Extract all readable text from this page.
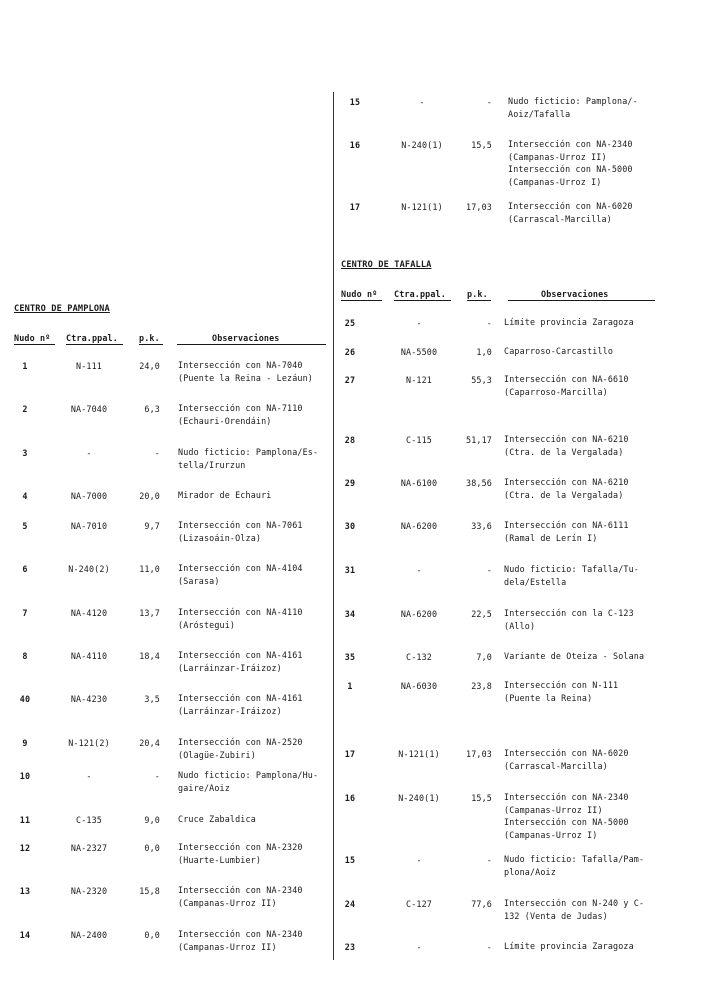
CENTRO DE PAMPLONA
Nudo nº Ctra.ppal.	p.k.	Observaciones
1	N-111	24,0 Intersección con NA-7040
(Puente la Reina - Lezáun)
2	NA-7040	6,3 Intersección con NA-7110
(Echauri-Orendáin)
3	-	- Nudo ficticio: Pamplona/Es-
tella/Irurzun
4	NA-7000	20,0 Mirador de Echauri
5	NA-7010	9,7 Intersección con NA-7061
(Lizasoáin-Olza)
6	N-240(2)	11,0 Intersección con NA-4104
(Sarasa)
7	NA-4120	13,7 Intersección con NA-4110
(Aróstegui)
8	NA-4110	18,4 Intersección con NA-4161
(Larráinzar-Iráizoz)
40	NA-4230	3,5 Intersección con NA-4161
(Larráinzar-Iráizoz)
9	N-121(2)	20,4 Intersección con NA-2520
(Olagüe-Zubiri)
10	-	- Nudo ficticio: Pamplona/Hu-
gaire/Aoiz
11	C-135	9,0 Cruce Zabaldica
12	NA-2327	0,0 Intersección con NA-2320
(Huarte-Lumbier)
13	NA-2320	15,8 Intersección con NA-2340
(Campanas-Urroz II)
14	NA-2400	0,0 Intersección con NA-2340
(Campanas-Urroz II)
15	-	- Nudo ficticio: Pamplona/-
Aoiz/Tafalla
16	N-240(1)	15,5 Intersección con NA-2340
(Campanas-Urroz II)
Intersección con NA-5000
(Campanas-Urroz I)
17	N-121(1)	17,03 Intersección con NA-6020
(Carrascal-Marcilla)
CENTRO DE TAFALLA
Nudo nº Ctra.ppal.	p.k.	Observaciones
25	-	- Límite provincia Zaragoza
26	NA-5500	1,0 Caparroso-Carcastillo
27	N-121	55,3 Intersección con NA-6610
(Caparroso-Marcilla)
28	C-115	51,17 Intersección con NA-6210
(Ctra. de la Vergalada)
29	NA-6100	38,56 Intersección con NA-6210
(Ctra. de la Vergalada)
30	NA-6200	33,6 Intersección con NA-6111
(Ramal de Lerín I)
31	-	- Nudo ficticio: Tafalla/Tu-
dela/Estella
34	NA-6200	22,5 Intersección con la C-123
(Allo)
35	C-132	7,0 Variante de Oteiza - Solana
1	NA-6030	23,8 Intersección con N-111
(Puente la Reina)
17	N-121(1)	17,03 Intersección con NA-6020
(Carrascal-Marcilla)
16	N-240(1)	15,5 Intersección con NA-2340
(Campanas-Urroz II)
Intersección con NA-5000
(Campanas-Urroz I)
15	-	- Nudo ficticio: Tafalla/Pam-
plona/Aoiz
24	C-127	77,6 Intersección con N-240 y C-
132 (Venta de Judas)
23	-	- Límite provincia Zaragoza
